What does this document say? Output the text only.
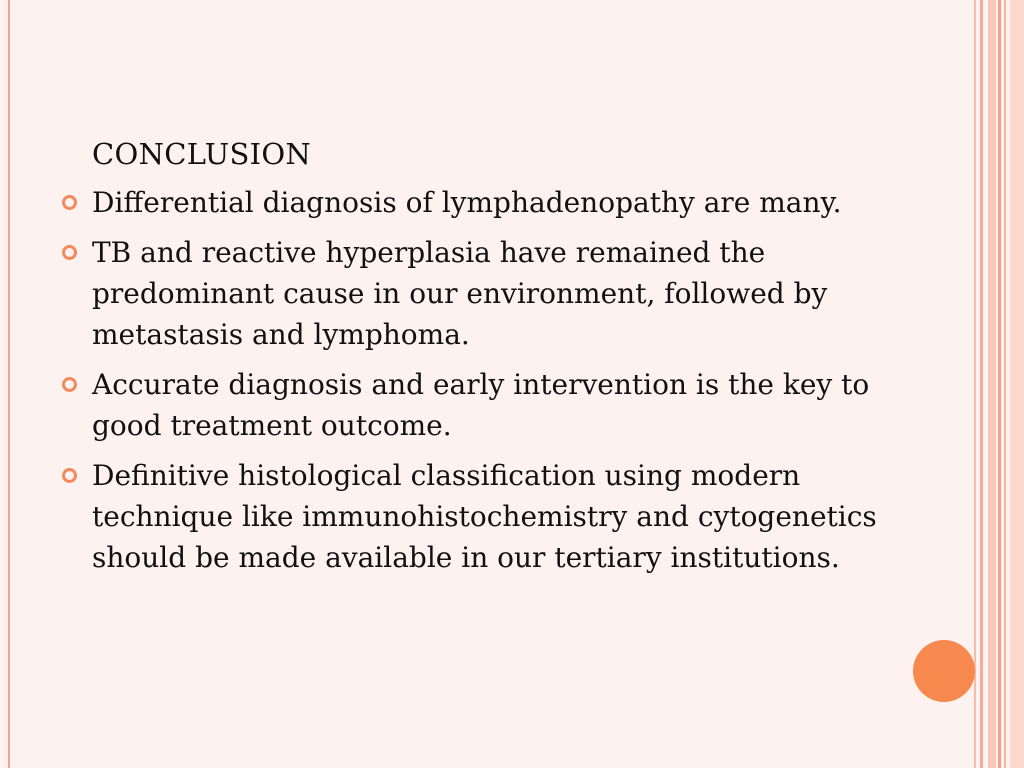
CONCLUSION
Differential diagnosis of lymphadenopathy are many.
TB and reactive hyperplasia have remained the predominant cause in our environment, followed by metastasis and lymphoma.
Accurate diagnosis and early intervention is the key to good treatment outcome.
Definitive histological classification using modern technique like immunohistochemistry and cytogenetics should be made available in our tertiary institutions.
